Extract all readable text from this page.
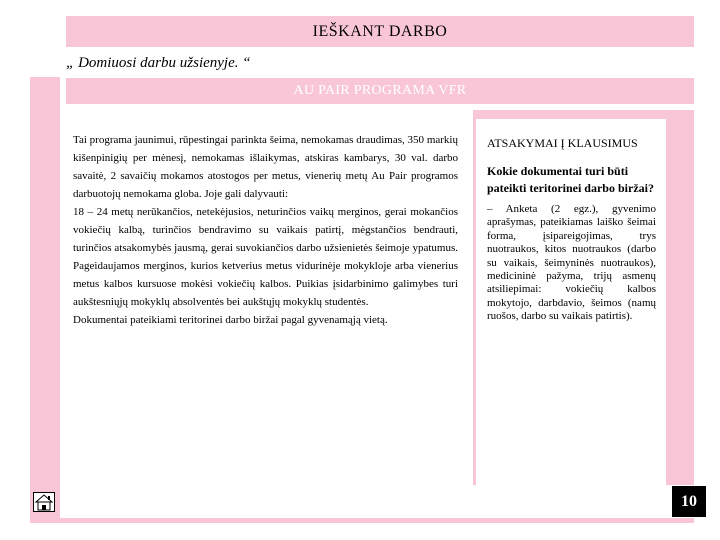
IEŠKANT DARBO
„ Domiuosi darbu užsienyje. “
AU PAIR PROGRAMA VFR

Tai programa jaunimui, rūpestingai parinkta šeima, nemokamas draudimas, 350 markių kišenpinigių per mėnesį, nemokamas išlaikymas, atskiras kambarys, 30 val. darbo savaitė, 2 savaičių mokamos atostogos per metus, vienerių metų Au Pair programos darbuotojų nemokama globa. Joje gali dalyvauti:

18 – 24 metų nerūkančios, netekėjusios, neturinčios vaikų merginos, gerai mokančios vokiečių kalbą, turinčios bendravimo su vaikais patirtį, mėgstančios bendrauti, turinčios atsakomybės jausmą, gerai suvokiančios darbo užsienietės šeimoje ypatumus. Pageidaujamos merginos, kurios ketverius metus vidurinėje mokykloje arba vienerius metus kalbos kursuose mokėsi vokiečių kalbos. Puikias įsidarbinimo galimybes turi aukštesniųjų mokyklų absolventės bei aukštųjų mokyklų studentės.

Dokumentai pateikiami teritorinei darbo biržai pagal gyvenamąją vietą.

ATSAKYMAI Į KLAUSIMUS
Kokie dokumentai turi būti pateikti teritorinei darbo biržai?
– Anketa (2 egz.), gyvenimo aprašymas, pateikiamas laiško šeimai forma, įsipareigojimas, trys nuotraukos, kitos nuotraukos (darbo su vaikais, šeimyninės nuotraukos), medicininė pažyma, trijų asmenų atsiliepimai: vokiečių kalbos mokytojo, darbdavio, šeimos (namų ruošos, darbo su vaikais patirtis).
10
